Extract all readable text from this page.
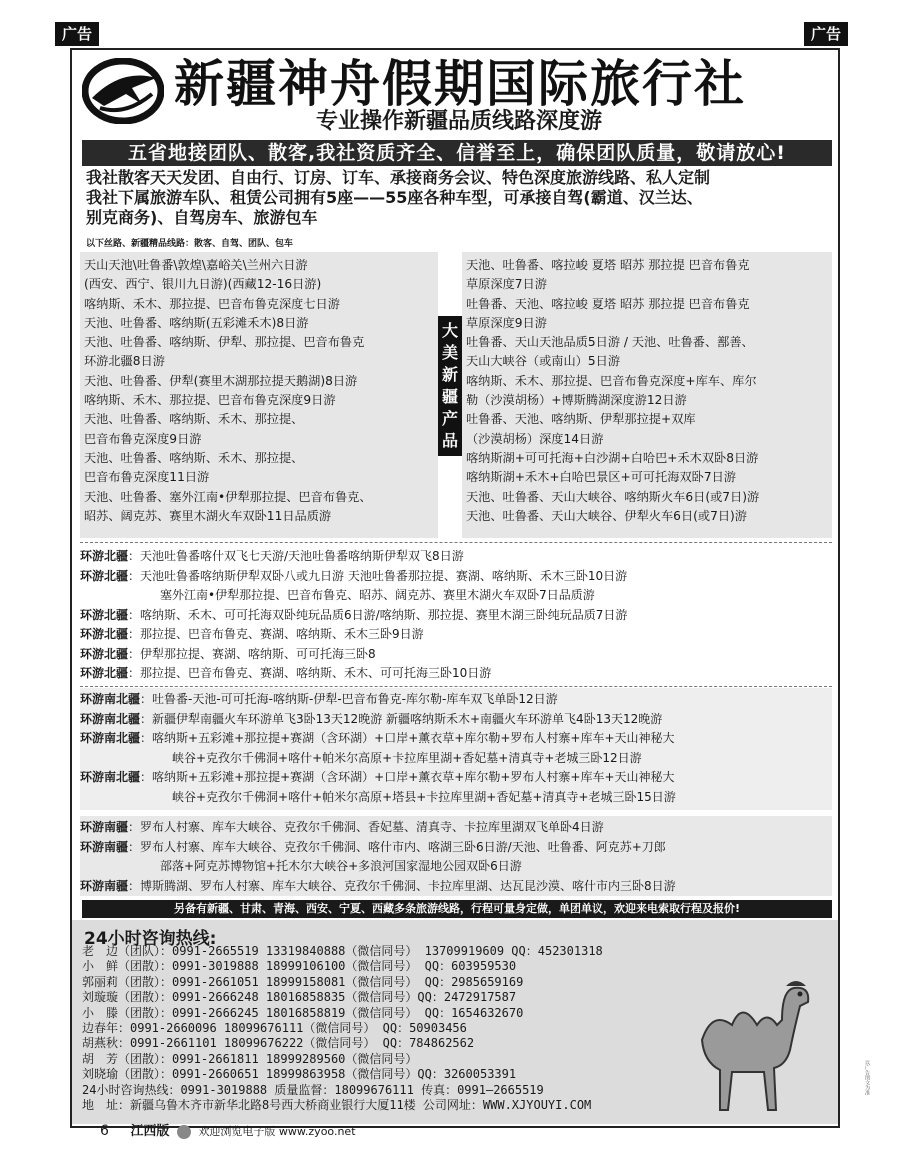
广告	广告
新疆神舟假期国际旅行社
专业操作新疆品质线路深度游
五省地接团队、散客,我社资质齐全、信誉至上，确保团队质量，敬请放心!

我社散客天天发团、自由行、订房、订车、承接商务会议、特色深度旅游线路、私人定制

我社下属旅游车队、租赁公司拥有5座——55座各种车型，可承接自驾(霸道、汉兰达、

别克商务)、自驾房车、旅游包车

以下丝路、新疆精品线路：散客、自驾、团队、包车
天山天池\吐鲁番\敦煌\嘉峪关\兰州六日游
(西安、西宁、银川九日游)(西藏12-16日游)
喀纳斯、禾木、那拉提、巴音布鲁克深度七日游
天池、吐鲁番、喀纳斯(五彩滩禾木)8日游
天池、吐鲁番、喀纳斯、伊犁、那拉提、巴音布鲁克
环游北疆8日游
天池、吐鲁番、伊犁(赛里木湖那拉提天鹅湖)8日游
喀纳斯、禾木、那拉提、巴音布鲁克深度9日游
天池、吐鲁番、喀纳斯、禾木、那拉提、
巴音布鲁克深度9日游
天池、吐鲁番、喀纳斯、禾木、那拉提、
巴音布鲁克深度11日游
天池、吐鲁番、塞外江南•伊犁那拉提、巴音布鲁克、
昭苏、阔克苏、赛里木湖火车双卧11日品质游
大
美
新
疆
产
品
天池、吐鲁番、喀拉峻 夏塔 昭苏 那拉提 巴音布鲁克
草原深度7日游
吐鲁番、天池、喀拉峻 夏塔 昭苏 那拉提 巴音布鲁克
草原深度9日游
吐鲁番、天山天池品质5日游 / 天池、吐鲁番、鄯善、
天山大峡谷（或南山）5日游
喀纳斯、禾木、那拉提、巴音布鲁克深度+库车、库尔
勒（沙漠胡杨）+博斯腾湖深度游12日游
吐鲁番、天池、喀纳斯、伊犁那拉提+双库
（沙漠胡杨）深度14日游
喀纳斯湖+可可托海+白沙湖+白哈巴+禾木双卧8日游
喀纳斯湖+禾木+白哈巴景区+可可托海双卧7日游
天池、吐鲁番、天山大峡谷、喀纳斯火车6日(或7日)游
天池、吐鲁番、天山大峡谷、伊犁火车6日(或7日)游
环游北疆：天池吐鲁番喀什双飞七天游/天池吐鲁番喀纳斯伊犁双飞8日游
环游北疆：天池吐鲁番喀纳斯伊犁双卧八或九日游 天池吐鲁番那拉提、赛湖、喀纳斯、禾木三卧10日游
塞外江南•伊犁那拉提、巴音布鲁克、昭苏、阔克苏、赛里木湖火车双卧7日品质游
环游北疆：喀纳斯、禾木、可可托海双卧纯玩品质6日游/喀纳斯、那拉提、赛里木湖三卧纯玩品质7日游
环游北疆：那拉提、巴音布鲁克、赛湖、喀纳斯、禾木三卧9日游
环游北疆：伊犁那拉提、赛湖、喀纳斯、可可托海三卧8
环游北疆：那拉提、巴音布鲁克、赛湖、喀纳斯、禾木、可可托海三卧10日游
环游南北疆：吐鲁番-天池-可可托海-喀纳斯-伊犁-巴音布鲁克-库尔勒-库车双飞单卧12日游
环游南北疆：新疆伊犁南疆火车环游单飞3卧13天12晚游 新疆喀纳斯禾木+南疆火车环游单飞4卧13天12晚游
环游南北疆：喀纳斯+五彩滩+那拉提+赛湖（含环湖）+口岸+薰衣草+库尔勒+罗布人村寨+库车+天山神秘大
峡谷+克孜尔千佛洞+喀什+帕米尔高原+卡拉库里湖+香妃墓+清真寺+老城三卧12日游
环游南北疆：喀纳斯+五彩滩+那拉提+赛湖（含环湖）+口岸+薰衣草+库尔勒+罗布人村寨+库车+天山神秘大
峡谷+克孜尔千佛洞+喀什+帕米尔高原+塔县+卡拉库里湖+香妃墓+清真寺+老城三卧15日游
环游南疆：罗布人村寨、库车大峡谷、克孜尔千佛洞、香妃墓、清真寺、卡拉库里湖双飞单卧4日游
环游南疆：罗布人村寨、库车大峡谷、克孜尔千佛洞、喀什市内、喀湖三卧6日游/天池、吐鲁番、阿克苏+刀郎
部落+阿克苏博物馆+托木尔大峡谷+多浪河国家湿地公园双卧6日游
环游南疆：博斯腾湖、罗布人村寨、库车大峡谷、克孜尔千佛洞、卡拉库里湖、达瓦昆沙漠、喀什市内三卧8日游
另备有新疆、甘肃、青海、西安、宁夏、西藏多条旅游线路，行程可量身定做，单团单议，欢迎来电索取行程及报价!
24小时咨询热线:
老　边（团队）：0991-2665519 13319840888（微信同号） 13709919609 QQ：452301318
小　鲜（团散）：0991-3019888 18999106100（微信同号） QQ：603959530
郭丽莉（团散）：0991-2661051 18999158081（微信同号） QQ：2985659169
刘璇璇（团散）：0991-2666248 18016858835（微信同号）QQ：2472917587
小　滕（团散）：0991-2666245 18016858819（微信同号） QQ：1654632670
边春年：0991-2660096 18099676111（微信同号） QQ：50903456
胡燕秋：0991-2661101 18099676222（微信同号） QQ：784862562
胡　芳（团散）：0991-2661811 18999289560（微信同号）
刘晓瑜（团散）：0991-2660651 18999863958（微信同号）QQ：3260053391
24小时咨询热线：0991-3019888 质量监督：18099676111 传真：0991—2665519
地　址：新疆乌鲁木齐市新华北路8号西大桥商业银行大厦11楼 公司网址：WWW.XJYOUYI.COM
6 江西版	欢迎浏览电子版 www.zyoo.net
以广告图文为准
